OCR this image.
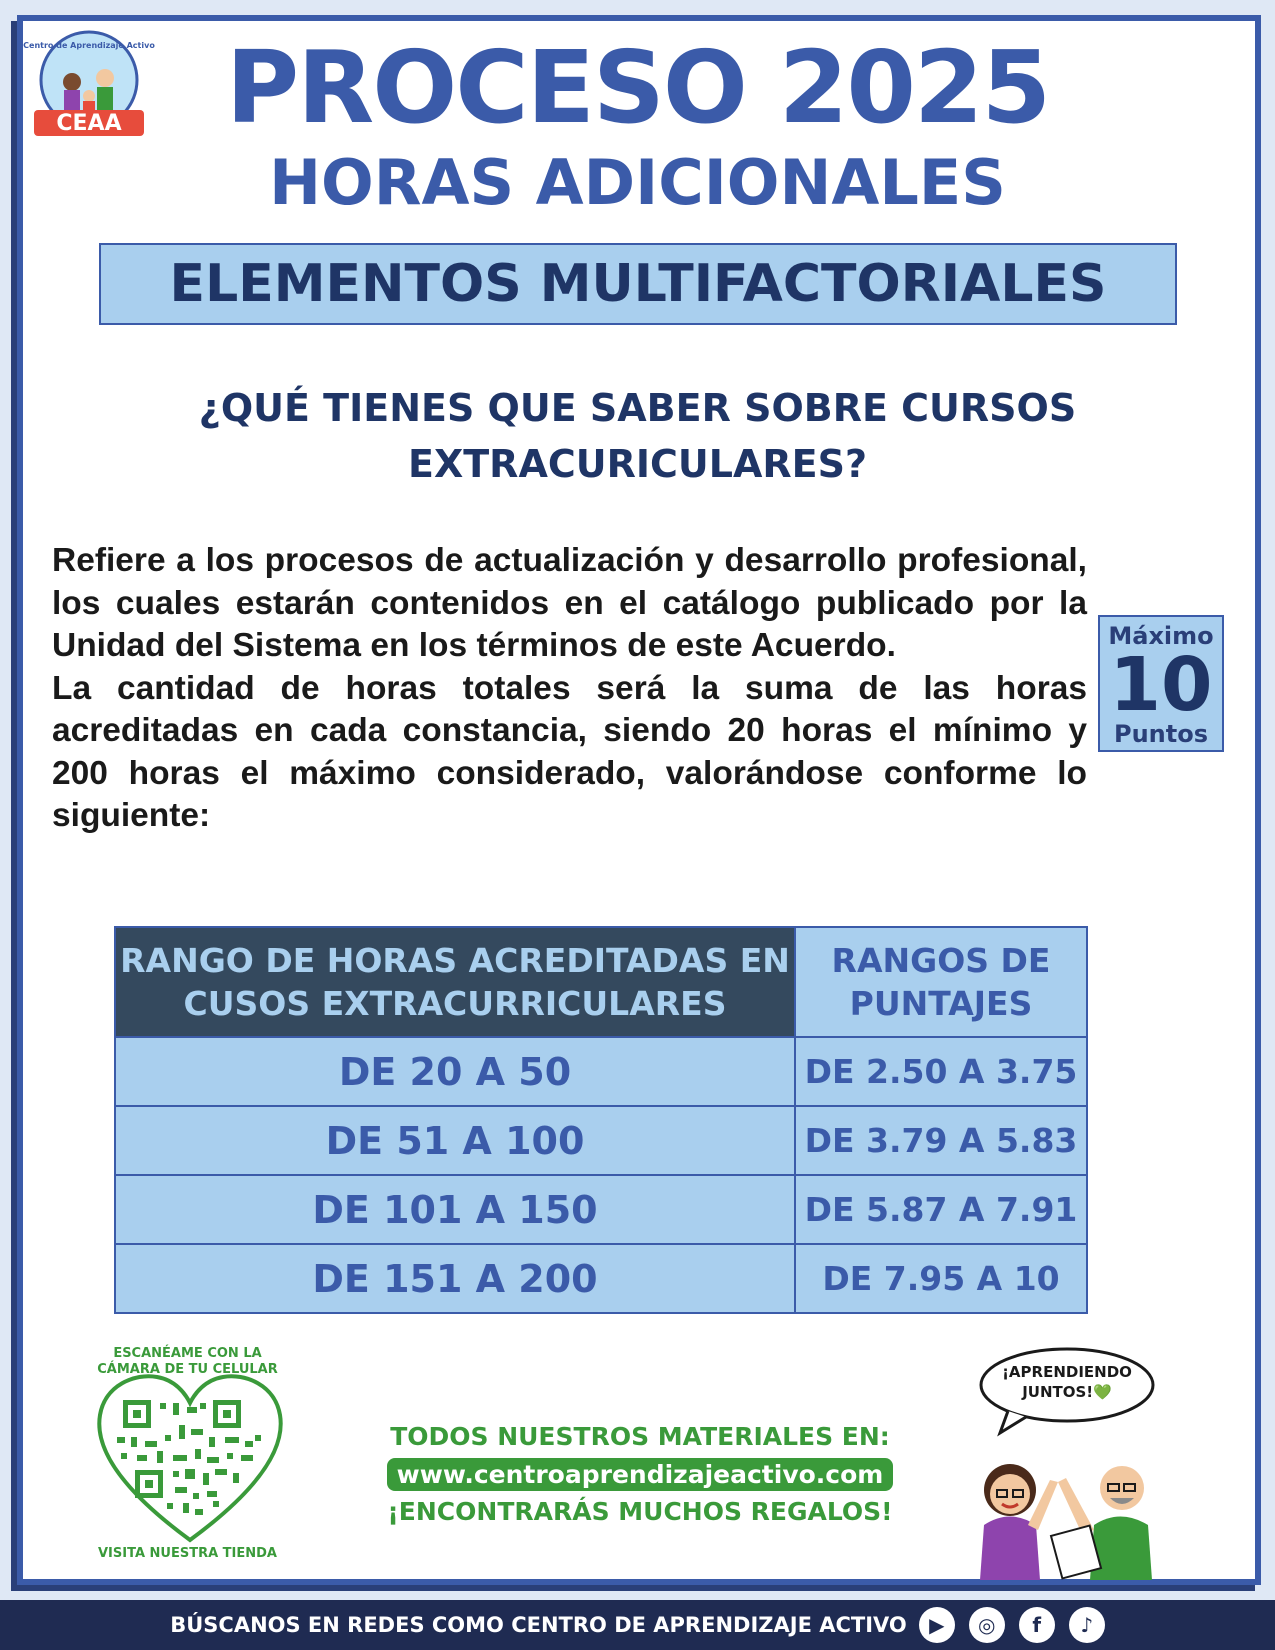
CEAA
Centro de Aprendizaje Activo PROCESO 2025
HORAS ADICIONALES
ELEMENTOS MULTIFACTORIALES
¿QUÉ TIENES QUE SABER SOBRE CURSOS EXTRACURICULARES?

Refiere a los procesos de actualización y desarrollo profesional, los cuales estarán contenidos en el catálogo publicado por la Unidad del Sistema en los términos de este Acuerdo.

La cantidad de horas totales será la suma de las horas acreditadas en cada constancia, siendo 20 horas el mínimo y 200 horas el máximo considerado, valorándose conforme lo siguiente:

Máximo
10
Puntos
RANGO DE HORAS ACREDITADAS EN CUSOS EXTRACURRICULARES	RANGOS DE PUNTAJES
DE 20 A 50	DE 2.50 A 3.75
DE 51 A 100	DE 3.79 A 5.83
DE 101 A 150	DE 5.87 A 7.91
DE 151 A 200	DE 7.95 A 10
ESCANÉAME CON LA CÁMARA DE TU CELULAR
VISITA NUESTRA TIENDA
TODOS NUESTROS MATERIALES EN:
www.centroaprendizajeactivo.com
¡ENCONTRARÁS MUCHOS REGALOS!
¡APRENDIENDO JUNTOS!💚
BÚSCANOS EN REDES COMO CENTRO DE APRENDIZAJE ACTIVO	▶	◎	f	♪
